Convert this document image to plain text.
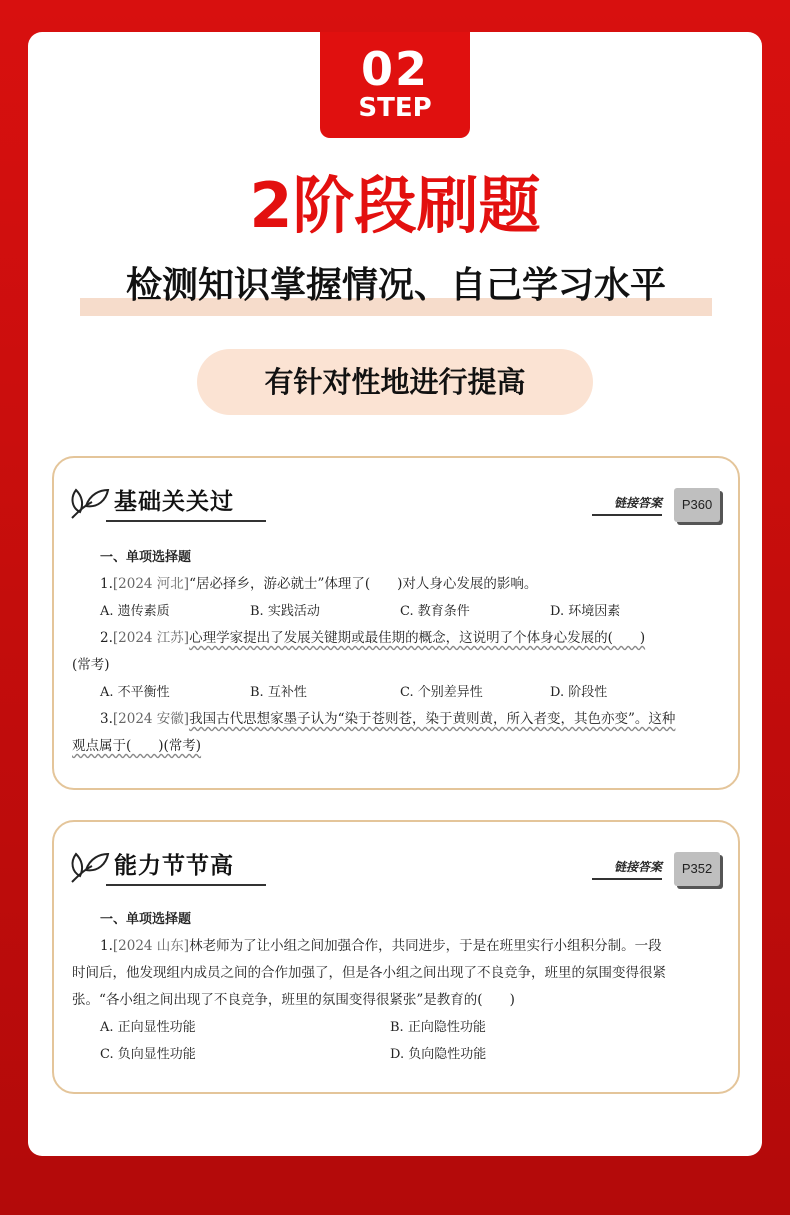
02
STEP
2阶段刷题
检测知识掌握情况、自己学习水平
有针对性地进行提高
基础关关过	链接答案	P360
一、单项选择题
1.[2024 河北]“居必择乡，游必就士”体理了(　　)对人身心发展的影响。
A. 遗传素质	B. 实践活动	C. 教育条件	D. 环境因素
2.[2024 江苏]心理学家提出了发展关键期或最佳期的概念，这说明了个体身心发展的(　　)
(常考)
A. 不平衡性	B. 互补性	C. 个别差异性	D. 阶段性
3.[2024 安徽]我国古代思想家墨子认为“染于苍则苍，染于黄则黄，所入者变，其色亦变”。这种
观点属于(　　)(常考)
能力节节高	链接答案	P352
一、单项选择题
1.[2024 山东]林老师为了让小组之间加强合作，共同进步，于是在班里实行小组积分制。一段
时间后，他发现组内成员之间的合作加强了，但是各小组之间出现了不良竞争，班里的氛围变得很紧
张。“各小组之间出现了不良竞争，班里的氛围变得很紧张”是教育的(　　)
A. 正向显性功能	B. 正向隐性功能
C. 负向显性功能	D. 负向隐性功能
